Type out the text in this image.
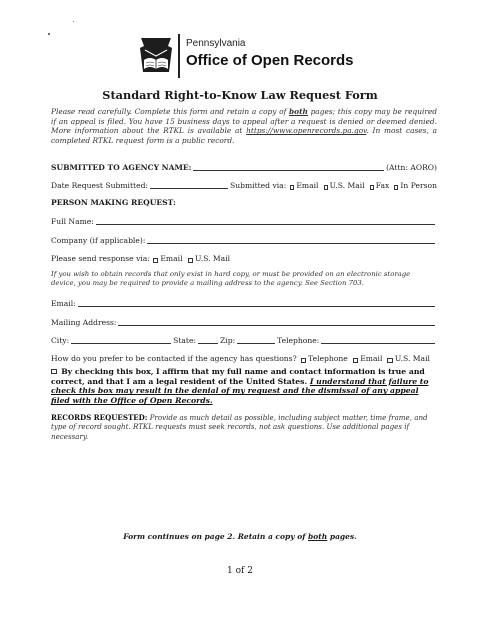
Pennsylvania
Office of Open Records
Standard Right-to-Know Law Request Form
Please read carefully. Complete this form and retain a copy of both pages; this copy may be required if an appeal is filed. You have 15 business days to appeal after a request is denied or deemed denied. More information about the RTKL is available at https://www.openrecords.pa.gov. In most cases, a completed RTKL request form is a public record.
SUBMITTED TO AGENCY NAME:	(Attn: AORO)
Date Request Submitted:	Submitted via: Email U.S. Mail Fax In Person
PERSON MAKING REQUEST:
Full Name:
Company (if applicable):
Please send response via: Email U.S. Mail
If you wish to obtain records that only exist in hard copy, or must be provided on an electronic storage device, you may be required to provide a mailing address to the agency. See Section 703.
Email:
Mailing Address:
City:	State:	Zip:	Telephone:
How do you prefer to be contacted if the agency has questions? Telephone Email U.S. Mail
By checking this box, I affirm that my full name and contact information is true and correct, and that I am a legal resident of the United States. I understand that failure to check this box may result in the denial of my request and the dismissal of any appeal filed with the Office of Open Records.
RECORDS REQUESTED: Provide as much detail as possible, including subject matter, time frame, and type of record sought. RTKL requests must seek records, not ask questions. Use additional pages if necessary.
Form continues on page 2. Retain a copy of both pages.
1 of 2
